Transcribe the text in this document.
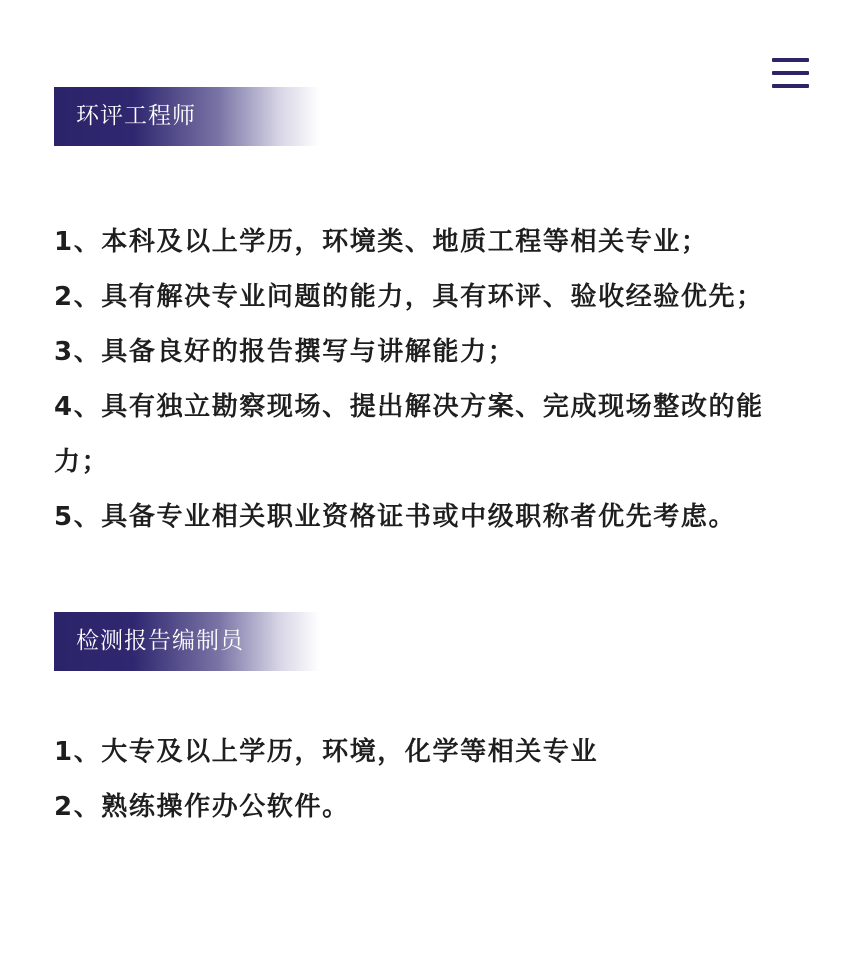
环评工程师
1、本科及以上学历，环境类、地质工程等相关专业；
2、具有解决专业问题的能力，具有环评、验收经验优先；
3、具备良好的报告撰写与讲解能力；
4、具有独立勘察现场、提出解决方案、完成现场整改的能力；
5、具备专业相关职业资格证书或中级职称者优先考虑。
检测报告编制员
1、大专及以上学历，环境，化学等相关专业
2、熟练操作办公软件。
